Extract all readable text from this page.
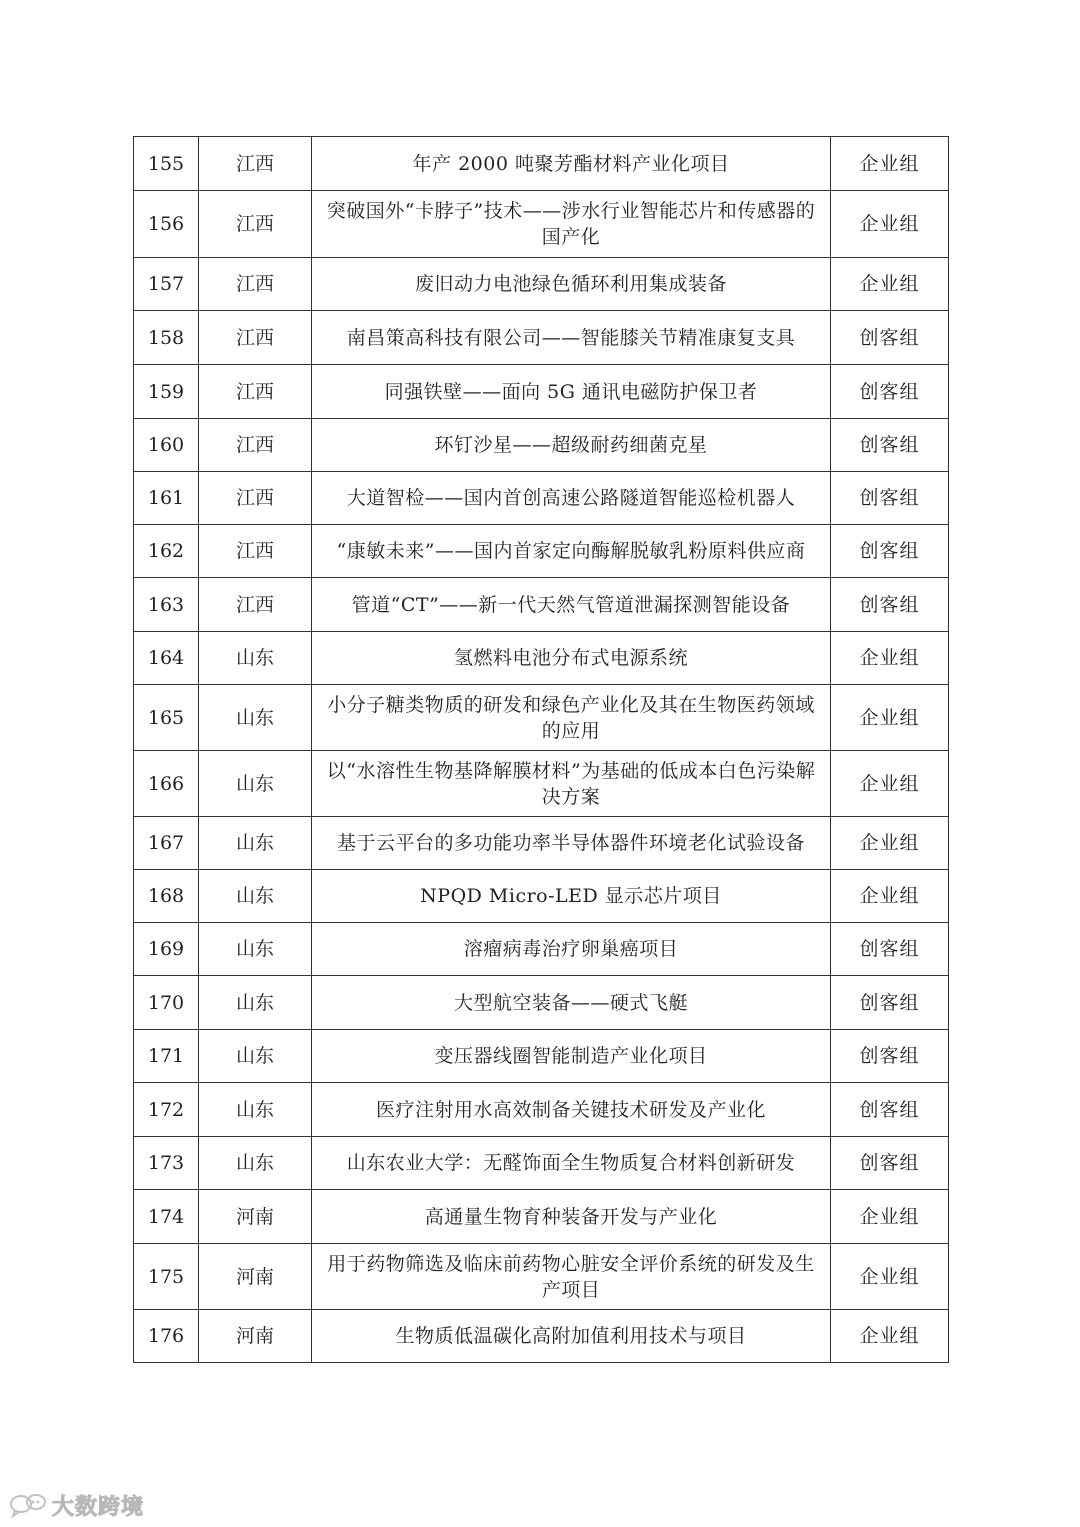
155	江西	年产 2000 吨聚芳酯材料产业化项目	企业组
156	江西	突破国外“卡脖子”技术——涉水行业智能芯片和传感器的国产化	企业组
157	江西	废旧动力电池绿色循环利用集成装备	企业组
158	江西	南昌策高科技有限公司——智能膝关节精准康复支具	创客组
159	江西	同强铁壁——面向 5G 通讯电磁防护保卫者	创客组
160	江西	环钉沙星——超级耐药细菌克星	创客组
161	江西	大道智检——国内首创高速公路隧道智能巡检机器人	创客组
162	江西	“康敏未来”——国内首家定向酶解脱敏乳粉原料供应商	创客组
163	江西	管道“CT”——新一代天然气管道泄漏探测智能设备	创客组
164	山东	氢燃料电池分布式电源系统	企业组
165	山东	小分子糖类物质的研发和绿色产业化及其在生物医药领域的应用	企业组
166	山东	以“水溶性生物基降解膜材料”为基础的低成本白色污染解决方案	企业组
167	山东	基于云平台的多功能功率半导体器件环境老化试验设备	企业组
168	山东	NPQD Micro-LED 显示芯片项目	企业组
169	山东	溶瘤病毒治疗卵巢癌项目	创客组
170	山东	大型航空装备——硬式飞艇	创客组
171	山东	变压器线圈智能制造产业化项目	创客组
172	山东	医疗注射用水高效制备关键技术研发及产业化	创客组
173	山东	山东农业大学：无醛饰面全生物质复合材料创新研发	创客组
174	河南	高通量生物育种装备开发与产业化	企业组
175	河南	用于药物筛选及临床前药物心脏安全评价系统的研发及生产项目	企业组
176	河南	生物质低温碳化高附加值利用技术与项目	企业组
大数跨境
